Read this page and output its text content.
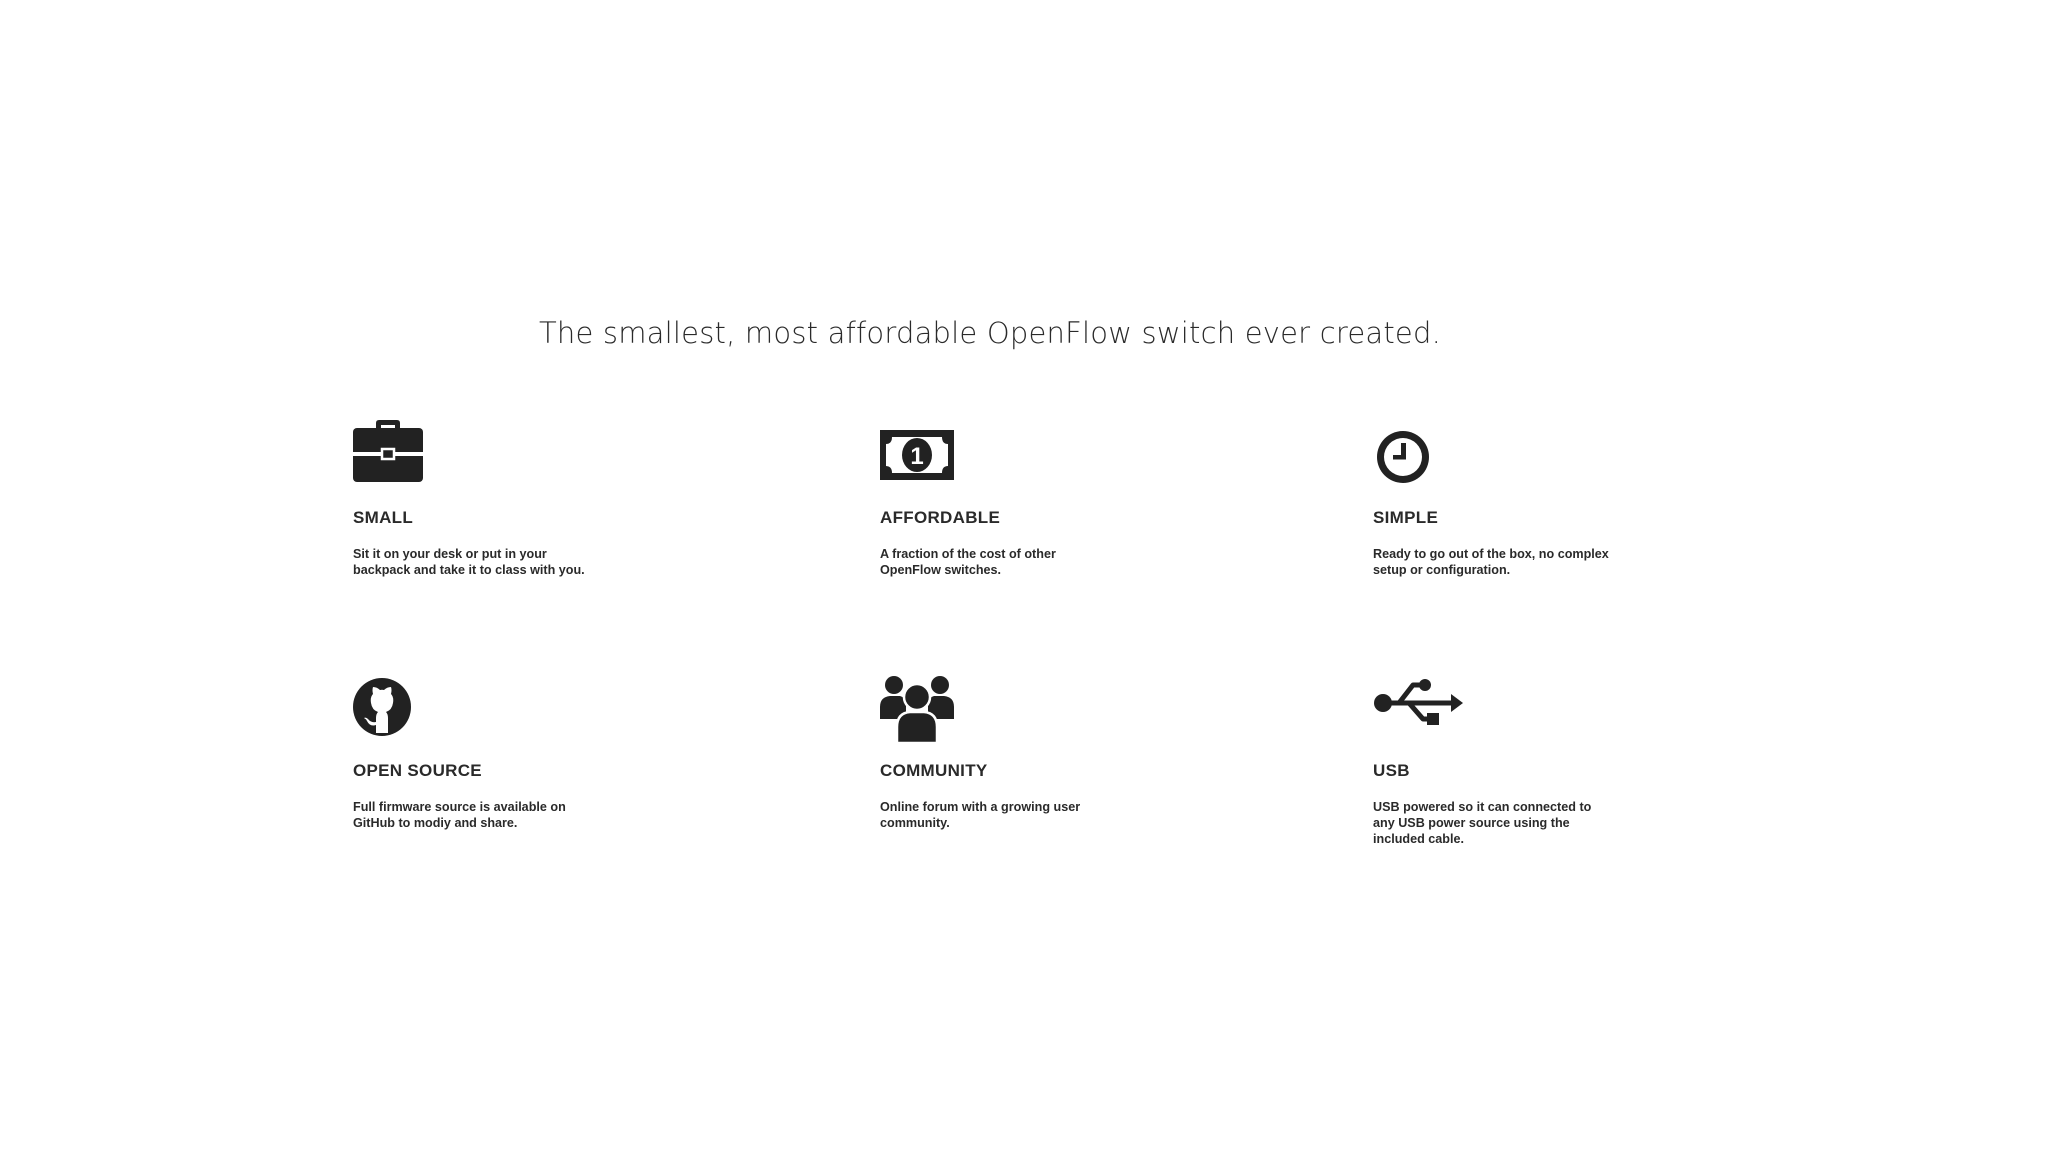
The smallest, most affordable OpenFlow switch ever created.

SMALL
Sit it on your desk or put in your
backpack and take it to class with you.
1
AFFORDABLE
A fraction of the cost of other
OpenFlow switches.
SIMPLE
Ready to go out of the box, no complex
setup or configuration.
OPEN SOURCE
Full firmware source is available on
GitHub to modiy and share.
COMMUNITY
Online forum with a growing user
community.
USB
USB powered so it can connected to
any USB power source using the
included cable.
